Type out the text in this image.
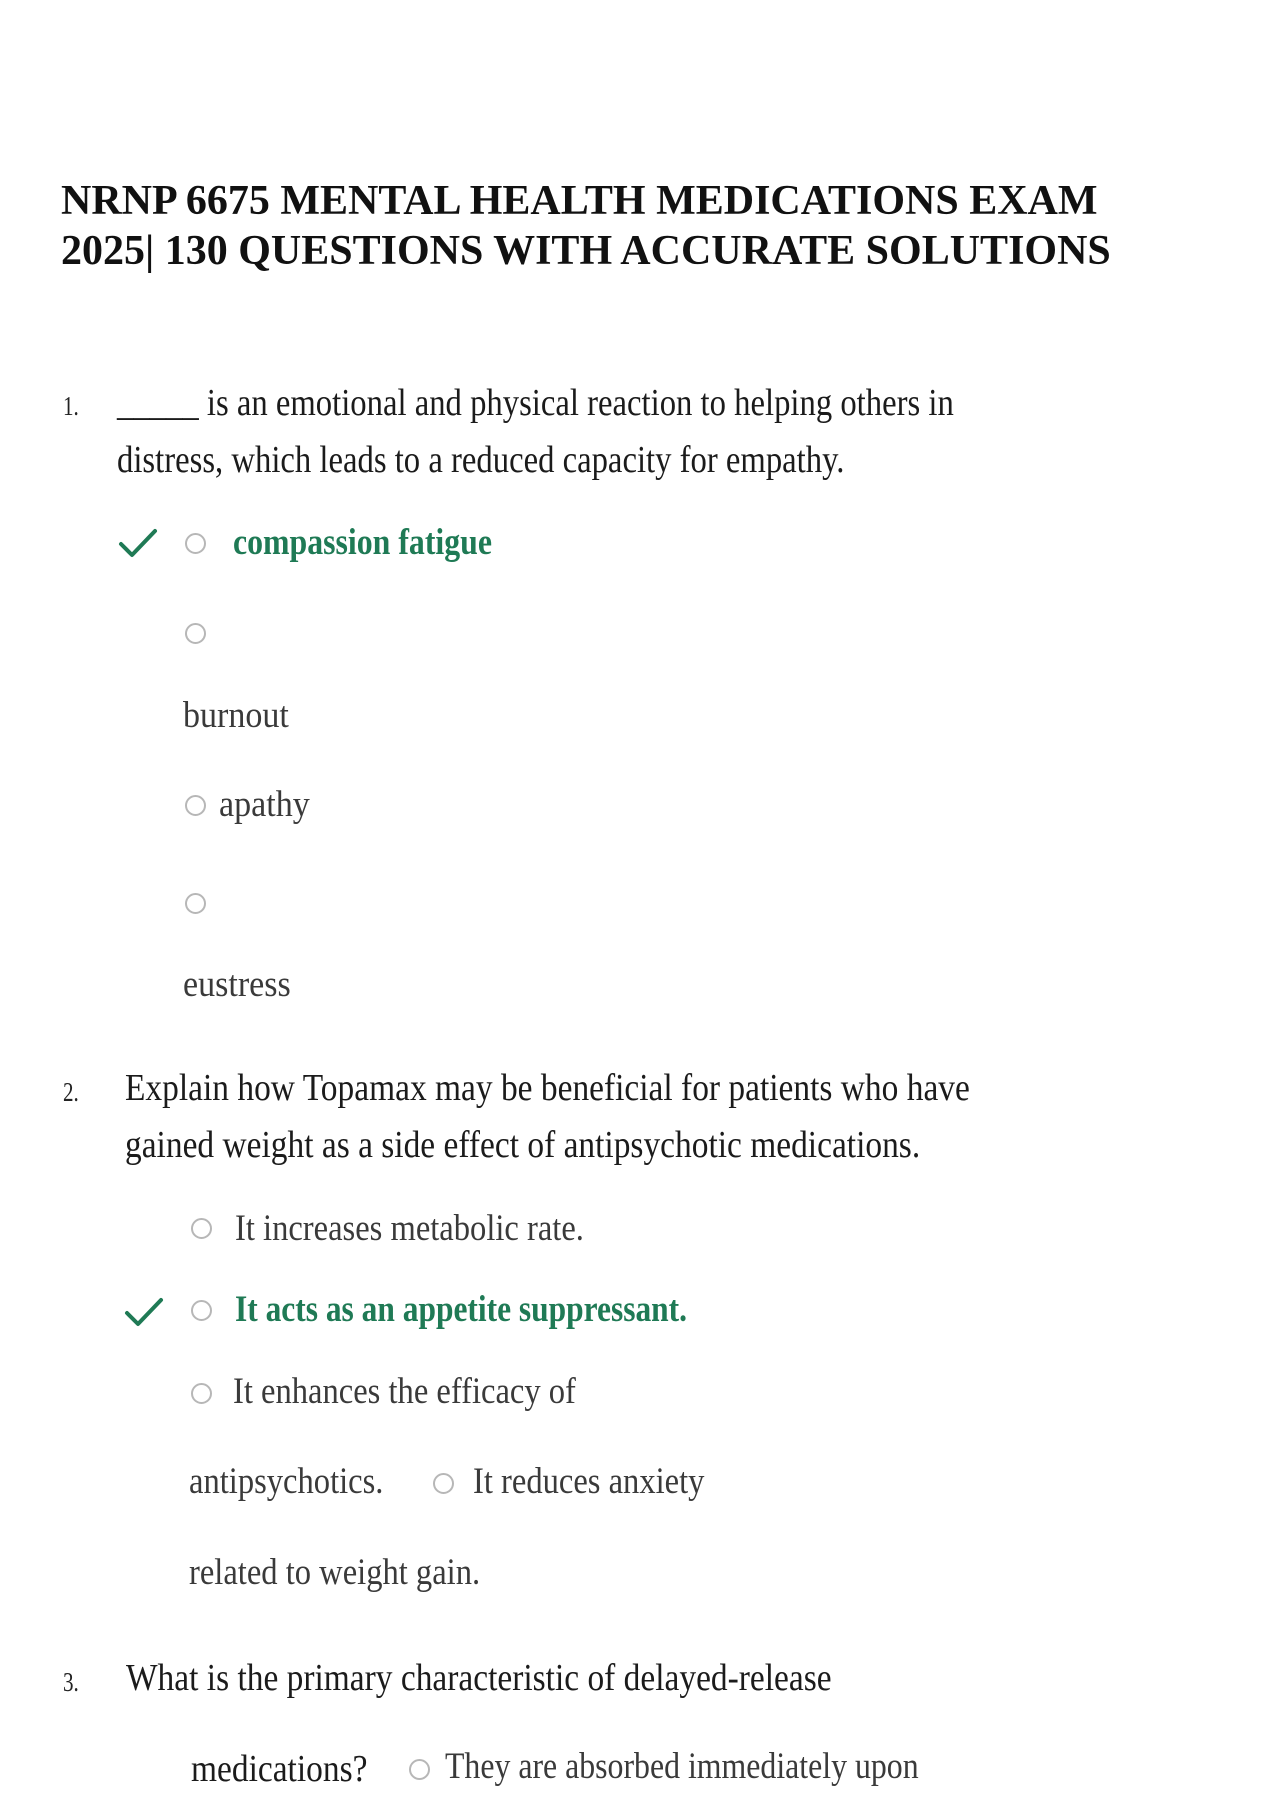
NRNP 6675 MENTAL HEALTH MEDICATIONS EXAM
2025| 130 QUESTIONS WITH ACCURATE SOLUTIONS
1. _____ is an emotional and physical reaction to helping others in
distress, which leads to a reduced capacity for empathy.
compassion fatigue
burnout
apathy
eustress
2. Explain how Topamax may be beneficial for patients who have
gained weight as a side effect of antipsychotic medications.
It increases metabolic rate.
It acts as an appetite suppressant.
It enhances the efficacy of
antipsychotics. It reduces anxiety
related to weight gain.
3. What is the primary characteristic of delayed-release
medications? They are absorbed immediately upon
